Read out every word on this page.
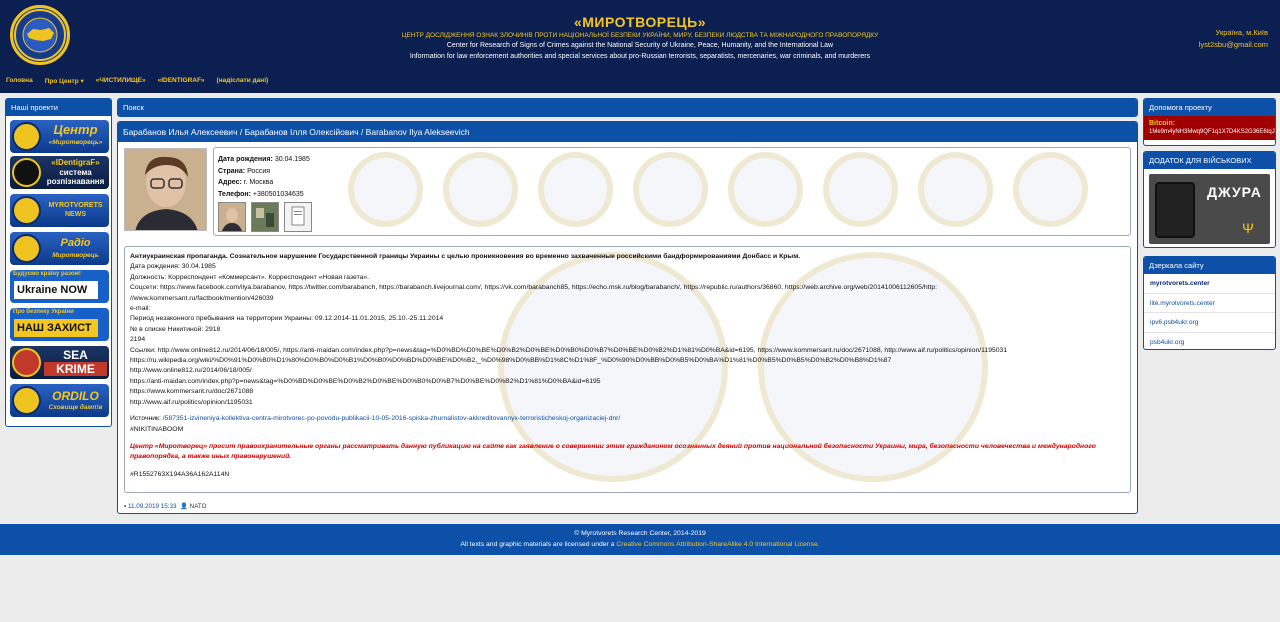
«МИРОТВОРЕЦЬ»
ЦЕНТР ДОСЛІДЖЕННЯ ОЗНАК ЗЛОЧИНІВ ПРОТИ НАЦІОНАЛЬНОЇ БЕЗПЕКИ УКРАЇНИ, МИРУ, БЕЗПЕКИ ЛЮДСТВА ТА МІЖНАРОДНОГО ПРАВОПОРЯДКУ
Center for Research of Signs of Crimes against the National Security of Ukraine, Peace, Humanity, and the International Law
Information for law enforcement authorities and special services about pro-Russian terrorists, separatists, mercenaries, war criminals, and murderers
Україна, м.Київ
lyst2sbu@gmail.com
Головна Про Центр ▾ «ЧИСТИЛИЩЕ» «IDENTIGRAF» (надіслати дані)
Наші проекти
Центр
«Миротворець»
«IDentigraF»
система розпізнавання
MYROTVORETS
NEWS
Радіо
Миротворець
Будуємо країну разом!
Ukraine NOW
Про безпеку України
НАШ ЗАХИСТ
SEA
KRIME
ORDILO
Сховище дамп!в
Поиск
Барабанов Илья Алексеевич / Барабанов Ілля Олексійович / Barabanov Ilya Alekseevich
Дата рождения: 30.04.1985
Страна: Россия
Адрес: г. Москва
Телефон: +380501034635
Антиукраинская пропаганда. Сознательное нарушение Государственной границы Украины с целью проникновения во временно захваченные российскими бандформированиями Донбасс и Крым.
Дата рождения: 30.04.1985
Должность: Корреспондент «Коммерсант». Корреспондент «Новая газета».
Соцсети: https://www.facebook.com/ilya.barabanov, https://twitter.com/barabanch, https://barabanch.livejournal.com/, https://vk.com/barabanch85, https://echo.msk.ru/blog/barabanch/, https://republic.ru/authors/36860, https://web.archive.org/web/20141006112605/http:
//www.kommersant.ru/factbook/mention/426039
e-mail:
Период незаконного пребывания на территории Украины: 09.12.2014-11.01.2015, 25.10.-25.11.2014
№ в списке Никитиной: 2918
2194
Ссылки: http://www.online812.ru/2014/06/18/005/, https://anti-maidan.com/index.php?p=news&tag=%D0%BD%D0%BE%D0%B2%D0%BE%D0%B0%D0%B7%D0%BE%D0%B2%D1%81%D0%BA&id=6195, https://www.kommersant.ru/doc/2671088, http://www.aif.ru/politics/opinion/1195031
https://ru.wikipedia.org/wiki/%D0%91%D0%B0%D1%80%D0%B0%D0%B1%D0%B0%D0%BD%D0%BE%D0%B2,_%D0%98%D0%BB%D1%8C%D1%8F_%D0%90%D0%BB%D0%B5%D0%BA%D1%81%D0%B5%D0%B5%D0%B2%D0%B8%D1%87
http://www.online812.ru/2014/06/18/005/
https://anti-maidan.com/index.php?p=news&tag=%D0%BD%D0%BE%D0%B2%D0%BE%D0%B0%D0%B7%D0%BE%D0%B2%D1%81%D0%BA&id=6195
https://www.kommersant.ru/doc/2671088
http://www.aif.ru/politics/opinion/1195031
Источник: /587351-izvineniya-kollektiva-centra-mirotvorec-po-povodu-publikacii-10-05-2016-spiska-zhurnalistov-akkreditovannyx-terroristicheskoj-organizaciej-dnr/
#NIKITINABOOM
Центр «Миротворец» просит правоохранительные органы рассматривать данную публикацию на сайте как заявление о совершении этим гражданином осознанных деяний против национальной безопасности Украины, мира, безопасности человечества и международного правопорядка, а также иных правонарушений.
#R1552763X194A36A162A114N
▪ 11.09.2019 15:33 👤 NATO
Допомога проекту
Bitcoin:
1Me9m4yNH3Mwq9QF1q1X7D4KS2G36E6tqJ
ДОДАТОК ДЛЯ ВІЙСЬКОВИХ
ДЖУРА
Ψ
Дзеркала сайту
myrotvorets.center
lite.myrotvorets.center
ipv6.psb4ukr.org
psb4ukr.org
© Myrotvorets Research Center, 2014-2019
All texts and graphic materials are licensed under a Creative Commons Attribution-ShareAlike 4.0 International License.
